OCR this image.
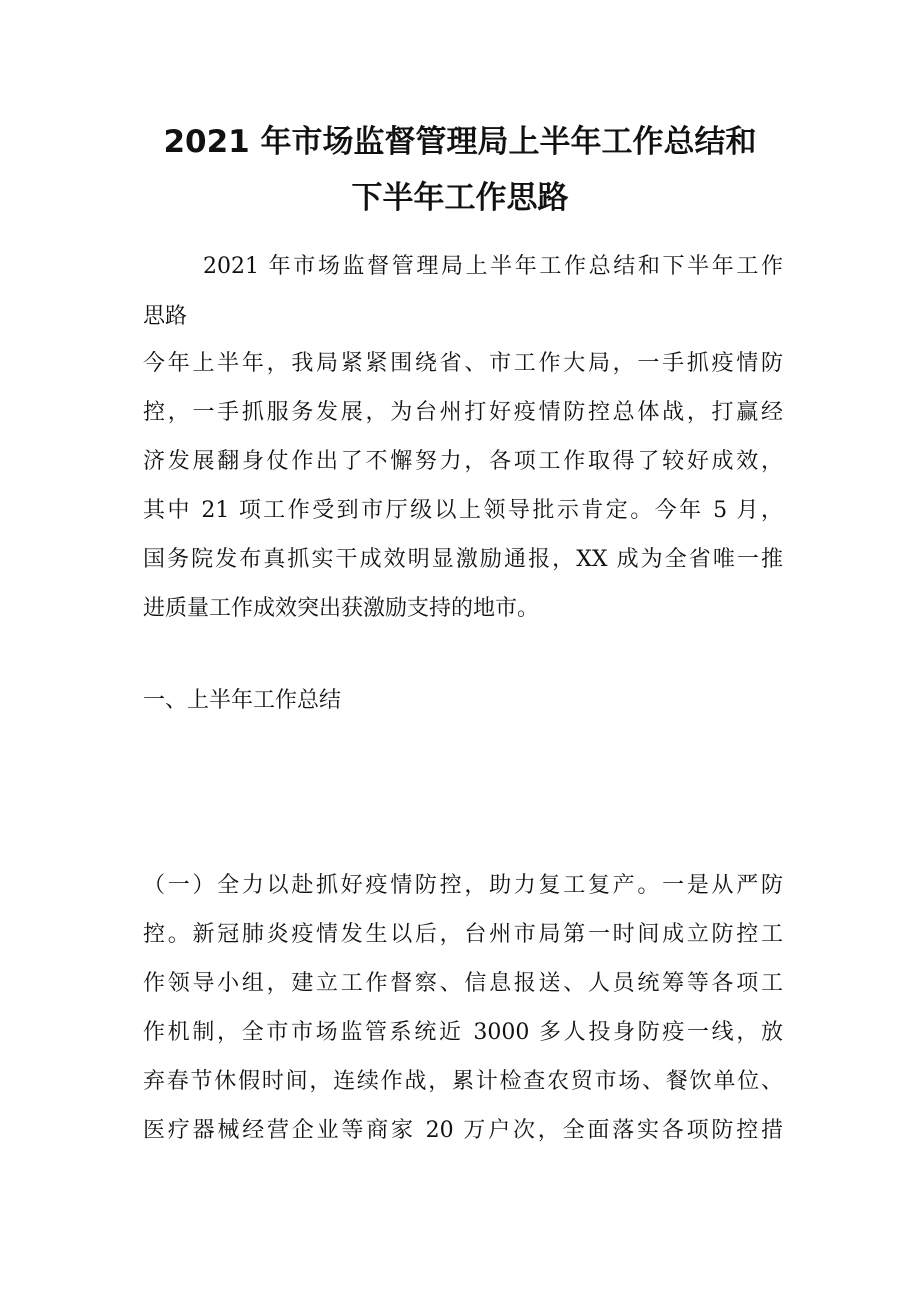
2021 年市场监督管理局上半年工作总结和
下半年工作思路
2021 年市场监督管理局上半年工作总结和下半年工作
思路
今年上半年，我局紧紧围绕省、市工作大局，一手抓疫情防
控，一手抓服务发展，为台州打好疫情防控总体战，打赢经
济发展翻身仗作出了不懈努力，各项工作取得了较好成效，
其中 21 项工作受到市厅级以上领导批示肯定。今年 5 月，
国务院发布真抓实干成效明显激励通报，XX 成为全省唯一推
进质量工作成效突出获激励支持的地市。
一、上半年工作总结
（一）全力以赴抓好疫情防控，助力复工复产。一是从严防
控。新冠肺炎疫情发生以后，台州市局第一时间成立防控工
作领导小组，建立工作督察、信息报送、人员统筹等各项工
作机制，全市市场监管系统近 3000 多人投身防疫一线，放
弃春节休假时间，连续作战，累计检查农贸市场、餐饮单位、
医疗器械经营企业等商家 20 万户次，全面落实各项防控措
